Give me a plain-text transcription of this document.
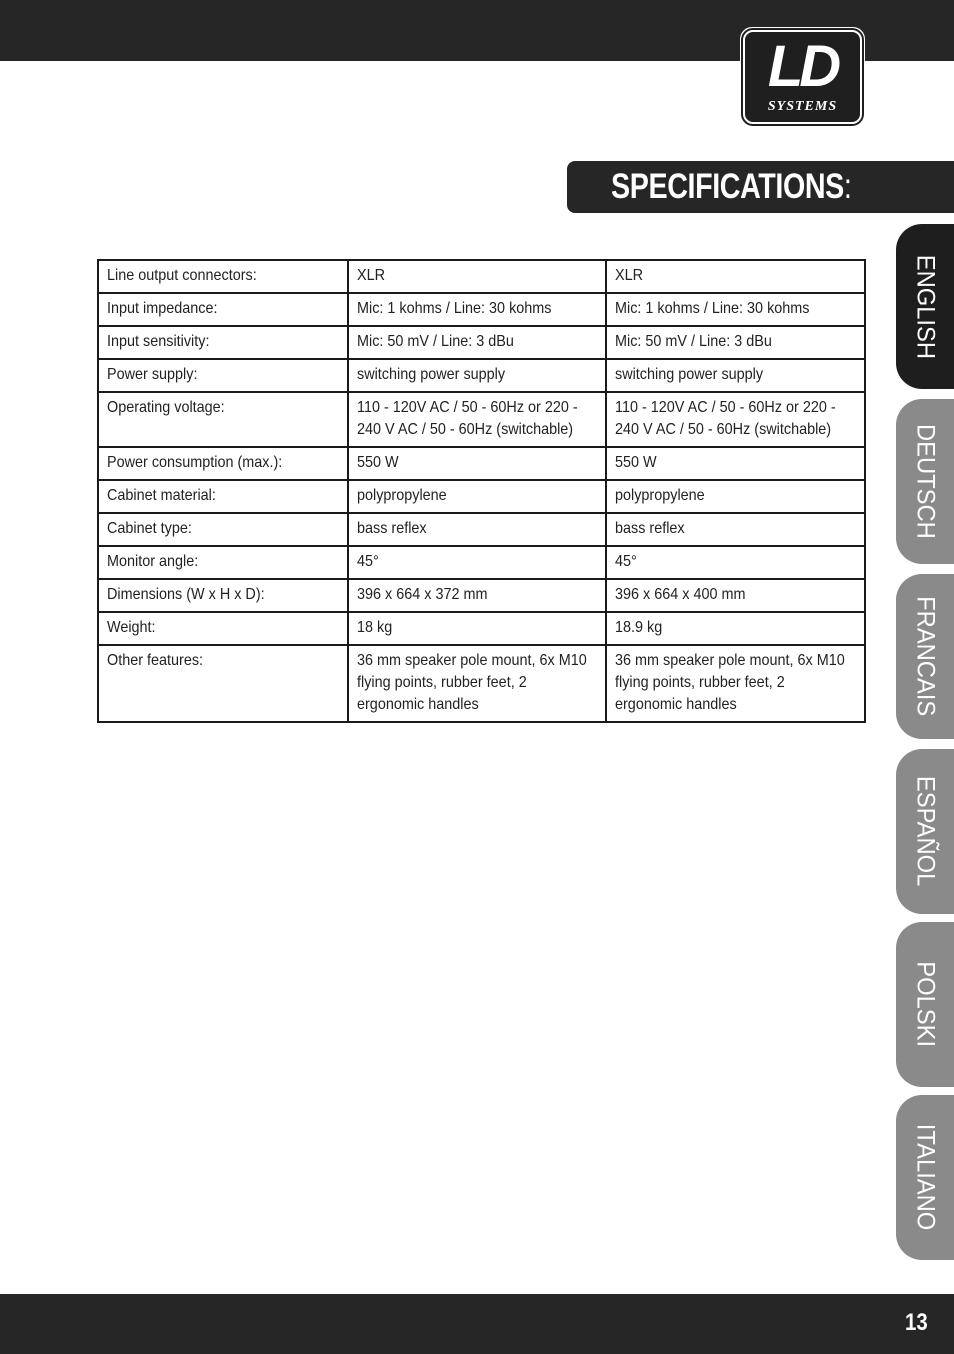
LD
SYSTEMS
SPECIFICATIONS:
Line output connectors:	XLR	XLR
Input impedance:	Mic: 1 kohms / Line: 30 kohms	Mic: 1 kohms / Line: 30 kohms
Input sensitivity:	Mic: 50 mV / Line: 3 dBu	Mic: 50 mV / Line: 3 dBu
Power supply:	switching power supply	switching power supply
Operating voltage:	110 - 120V AC / 50 - 60Hz or 220 - 240 V AC / 50 - 60Hz (switchable)	110 - 120V AC / 50 - 60Hz or 220 - 240 V AC / 50 - 60Hz (switchable)
Power consumption (max.):	550 W	550 W
Cabinet material:	polypropylene	polypropylene
Cabinet type:	bass reflex	bass reflex
Monitor angle:	45°	45°
Dimensions (W x H x D):	396 x 664 x 372 mm	396 x 664 x 400 mm
Weight:	18 kg	18.9 kg
Other features:	36 mm speaker pole mount, 6x M10 flying points, rubber feet, 2 ergonomic handles	36 mm speaker pole mount, 6x M10 flying points, rubber feet, 2 ergonomic handles
ENGLISH
DEUTSCH
FRANCAIS
ESPAÑOL
POLSKI
ITALIANO
13
